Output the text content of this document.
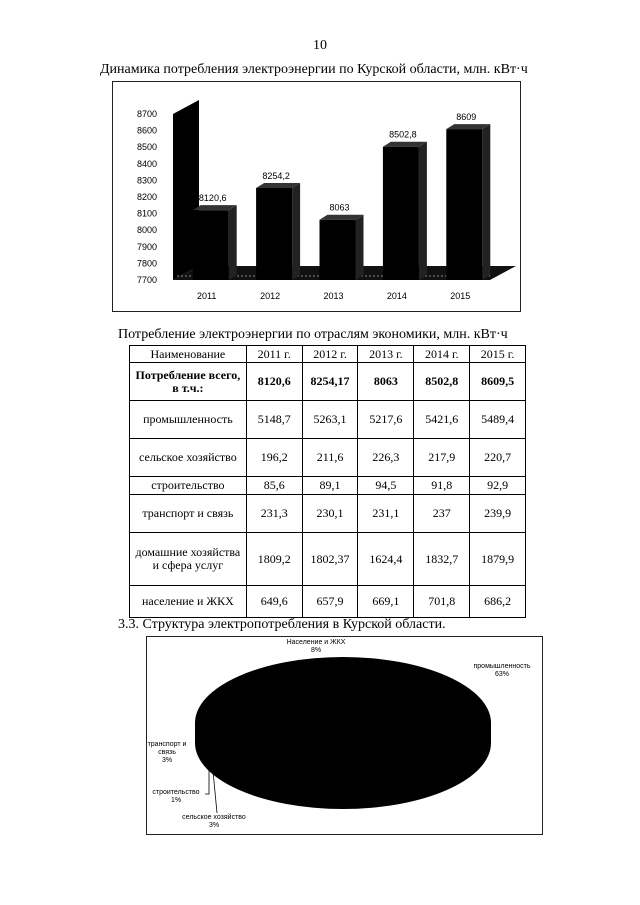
10
Динамика потребления электроэнергии по Курской области, млн. кВт·ч
8700
8600
8500
8400
8300
8200
8100
8000
7900
7800
7700
8120,6
2011
8254,2
2012
8063
2013
8502,8
2014
8609
2015
Потребление электроэнергии по отраслям экономики, млн. кВт·ч
Наименование	2011 г.	2012 г.	2013 г.	2014 г.	2015 г.
Потребление всего, в т.ч.:	8120,6	8254,17	8063	8502,8	8609,5
промышленность	5148,7	5263,1	5217,6	5421,6	5489,4
сельское хозяйство	196,2	211,6	226,3	217,9	220,7
строительство	85,6	89,1	94,5	91,8	92,9
транспорт и связь	231,3	230,1	231,1	237	239,9
домашние хозяйства и сфера услуг	1809,2	1802,37	1624,4	1832,7	1879,9
население и ЖКХ	649,6	657,9	669,1	701,8	686,2
3.3. Структура электропотребления в Курской области.
Население и ЖКХ
8%
промышленность
63%
транспорт и связь
3%
строительство
1%
сельское хозяйство
3%
